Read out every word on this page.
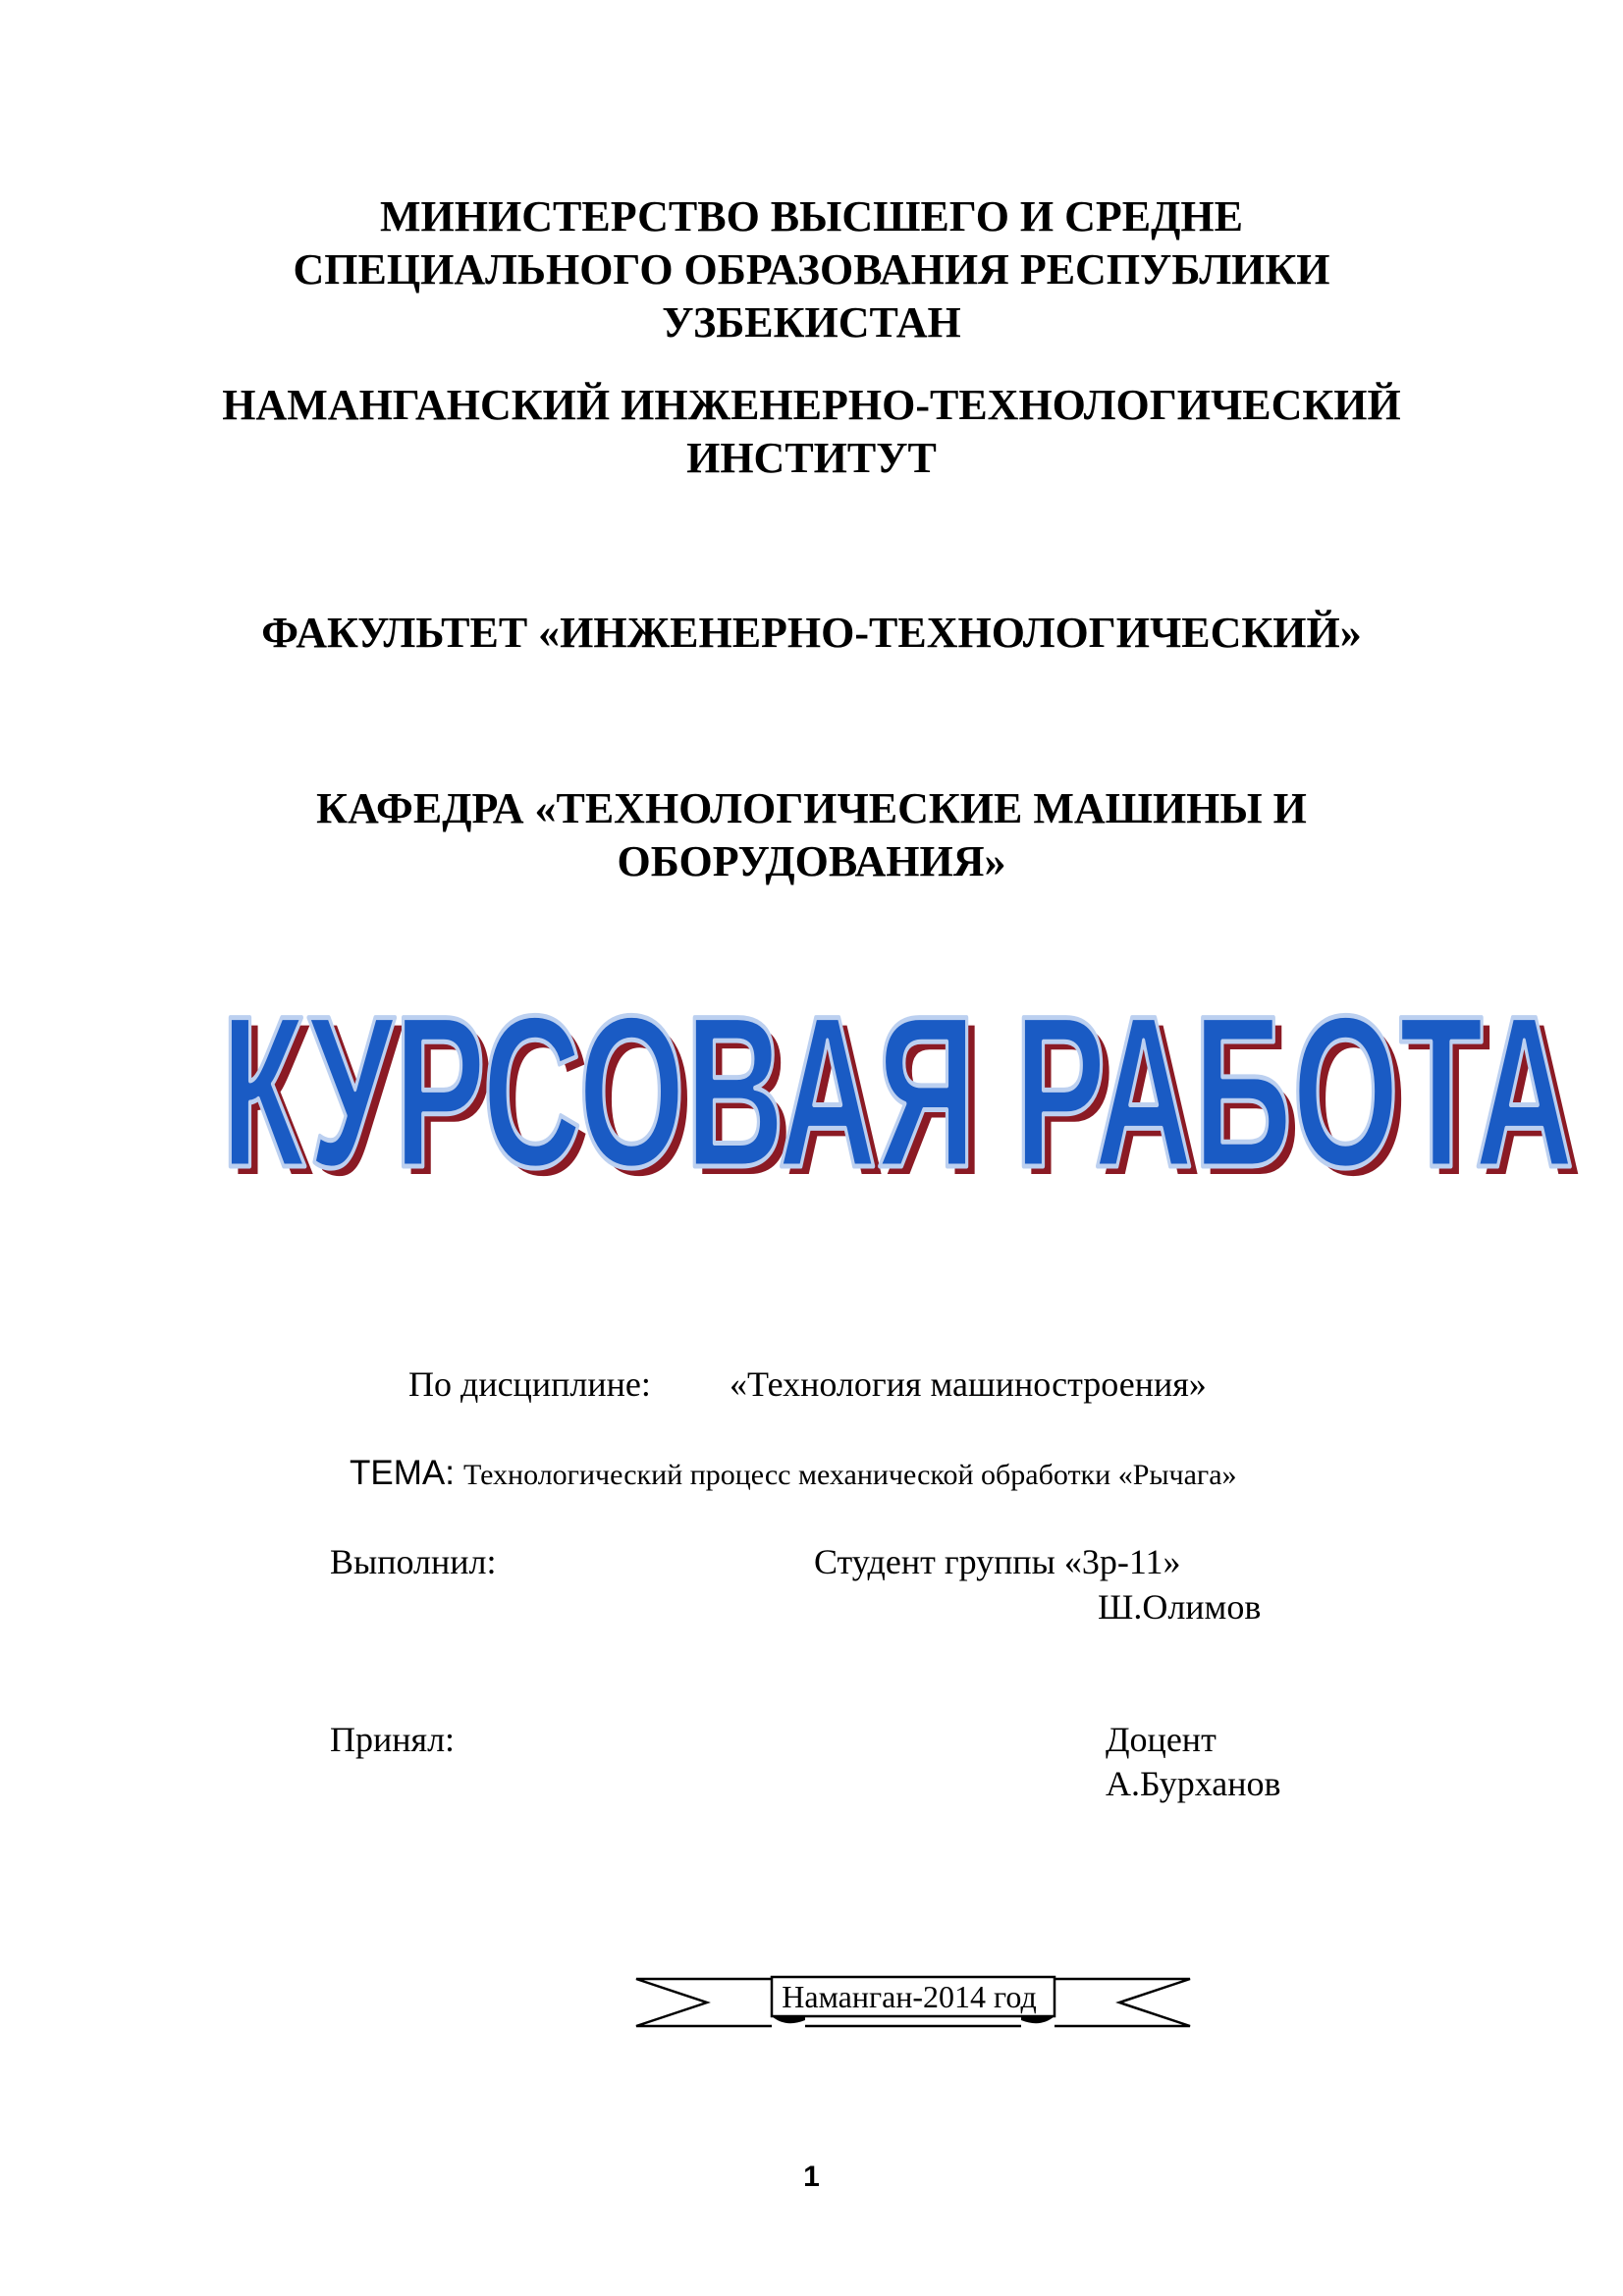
МИНИСТЕРСТВО ВЫСШЕГО И СРЕДНЕ
СПЕЦИАЛЬНОГО ОБРАЗОВАНИЯ РЕСПУБЛИКИ
УЗБЕКИСТАН
НАМАНГАНСКИЙ ИНЖЕНЕРНО-ТЕХНОЛОГИЧЕСКИЙ
ИНСТИТУТ
ФАКУЛЬТЕТ «ИНЖЕНЕРНО-ТЕХНОЛОГИЧЕСКИЙ»
КАФЕДРА «ТЕХНОЛОГИЧЕСКИЕ МАШИНЫ И
ОБОРУДОВАНИЯ»
КУРСОВАЯ РАБОТА
КУРСОВАЯ РАБОТА
По дисциплине: «Технология машиностроения»
ТЕМА: Технологический процесс механической обработки «Рычага»
Выполнил:	Студент группы «3р-11»
Ш.Олимов
Принял:	Доцент
А.Бурханов
Наманган-2014 год
1
